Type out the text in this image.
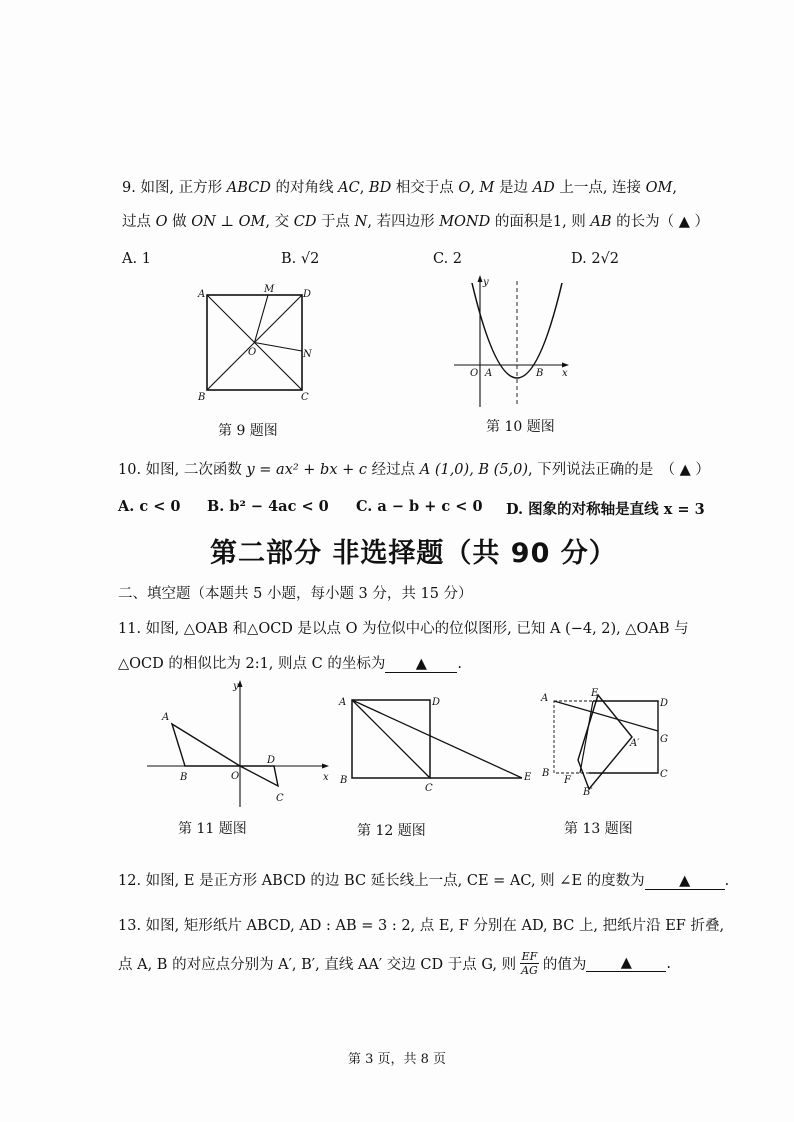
9. 如图, 正方形 ABCD 的对角线 AC, BD 相交于点 O, M 是边 AD 上一点, 连接 OM,
过点 O 做 ON ⊥ OM, 交 CD 于点 N, 若四边形 MOND 的面积是1, 则 AB 的长为（ ▲ ）
A. 1	B. √2	C. 2	D. 2√2
A	M	D
O	N
B	C
第 9 题图
y
x
O A	B
第 10 题图
10. 如图, 二次函数 y = ax² + bx + c 经过点 A (1,0), B (5,0), 下列说法正确的是　（ ▲ ）
A. c < 0 B. b² − 4ac < 0 C. a − b + c < 0 D. 图象的对称轴是直线 x = 3
第二部分 非选择题（共 90 分）
二、填空题（本题共 5 小题，每小题 3 分，共 15 分）
11. 如图, △OAB 和△OCD 是以点 O 为位似中心的位似图形, 已知 A (−4, 2), △OAB 与
△OCD 的相似比为 2:1, 则点 C 的坐标为 ▲ .
y
x
A
B	O
D
C
第 11 题图
A	D
B
C
E
第 12 题图
A	E
D
A′ G
B
F
B′
C
第 13 题图
12. 如图, E 是正方形 ABCD 的边 BC 延长线上一点, CE = AC, 则 ∠E 的度数为 ▲ .
13. 如图, 矩形纸片 ABCD, AD : AB = 3 : 2, 点 E, F 分别在 AD, BC 上, 把纸片沿 EF 折叠,
点 A, B 的对应点分别为 A′, B′, 直线 AA′ 交边 CD 于点 G, 则
EF
AG 的值为	▲	.
第 3 页，共 8 页
